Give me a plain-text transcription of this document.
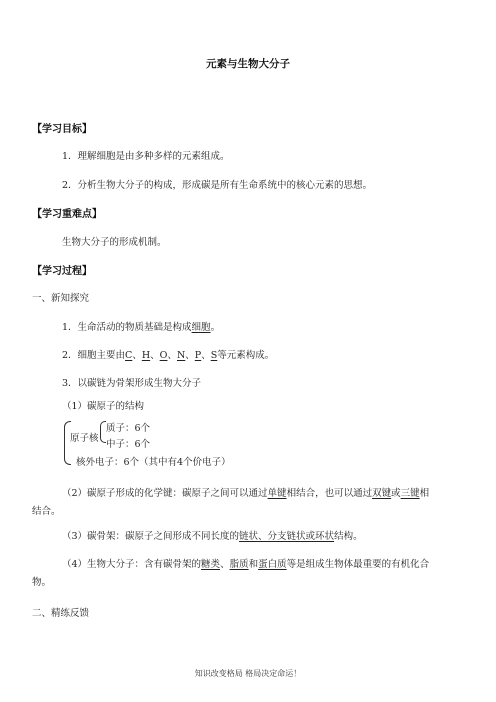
元素与生物大分子
【学习目标】
1．理解细胞是由多种多样的元素组成。
2．分析生物大分子的构成，形成碳是所有生命系统中的核心元素的思想。
【学习重难点】
生物大分子的形成机制。
【学习过程】
一、新知探究
1．生命活动的物质基础是构成细胞。
2．细胞主要由C、H、O、N、P、S等元素构成。
3．以碳链为骨架形成生物大分子
（1）碳原子的结构
原子核
质子：6个
中子：6个
核外电子：6个（其中有4个价电子）
（2）碳原子形成的化学键：碳原子之间可以通过单键相结合，也可以通过双键或三键相
结合。
（3）碳骨架：碳原子之间形成不同长度的链状、分支链状或环状结构。
（4）生物大分子：含有碳骨架的糖类、脂质和蛋白质等是组成生物体最重要的有机化合
物。
二、精练反馈
知识改变格局 格局决定命运！
